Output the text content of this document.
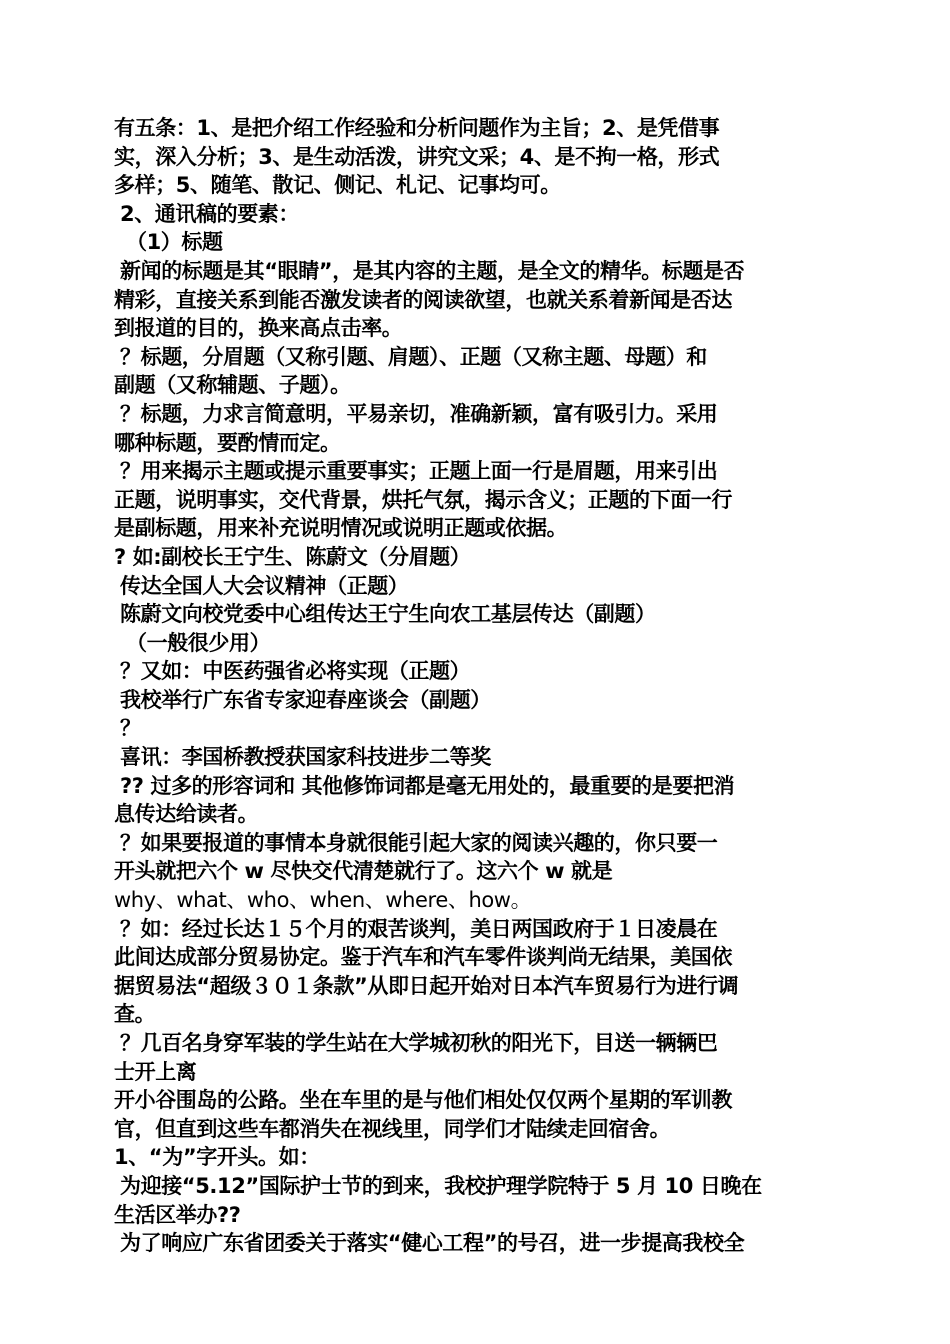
有五条：1、是把介绍工作经验和分析问题作为主旨；2、是凭借事
实，深入分析；3、是生动活泼，讲究文采；4、是不拘一格，形式
多样；5、随笔、散记、侧记、札记、记事均可。
2、通讯稿的要素：
（1）标题
新闻的标题是其“眼睛”，是其内容的主题，是全文的精华。标题是否
精彩，直接关系到能否激发读者的阅读欲望，也就关系着新闻是否达
到报道的目的，换来高点击率。
？标题，分眉题（又称引题、肩题）、正题（又称主题、母题）和
副题（又称辅题、子题）。
？标题，力求言简意明，平易亲切，准确新颖，富有吸引力。采用
哪种标题，要酌情而定。
？用来揭示主题或提示重要事实；正题上面一行是眉题，用来引出
正题，说明事实，交代背景，烘托气氛，揭示含义；正题的下面一行
是副标题，用来补充说明情况或说明正题或依据。
? 如:副校长王宁生、陈蔚文（分眉题）
传达全国人大会议精神（正题）
陈蔚文向校党委中心组传达王宁生向农工基层传达（副题）
（一般很少用）
？又如：中医药强省必将实现（正题）
我校举行广东省专家迎春座谈会（副题）
？
喜讯：李国桥教授获国家科技进步二等奖
?? 过多的形容词和 其他修饰词都是毫无用处的，最重要的是要把消
息传达给读者。
？如果要报道的事情本身就很能引起大家的阅读兴趣的，你只要一
开头就把六个 w 尽快交代清楚就行了。这六个 w 就是
why、what、who、when、where、how。
？如：经过长达１５个月的艰苦谈判，美日两国政府于１日凌晨在
此间达成部分贸易协定。鉴于汽车和汽车零件谈判尚无结果，美国依
据贸易法“超级３０１条款”从即日起开始对日本汽车贸易行为进行调
查。
？几百名身穿军装的学生站在大学城初秋的阳光下，目送一辆辆巴
士开上离
开小谷围岛的公路。坐在车里的是与他们相处仅仅两个星期的军训教
官，但直到这些车都消失在视线里，同学们才陆续走回宿舍。
1、“为”字开头。如：
为迎接“5.12”国际护士节的到来，我校护理学院特于 5 月 10 日晚在
生活区举办??
为了响应广东省团委关于落实“健心工程”的号召，进一步提高我校全
